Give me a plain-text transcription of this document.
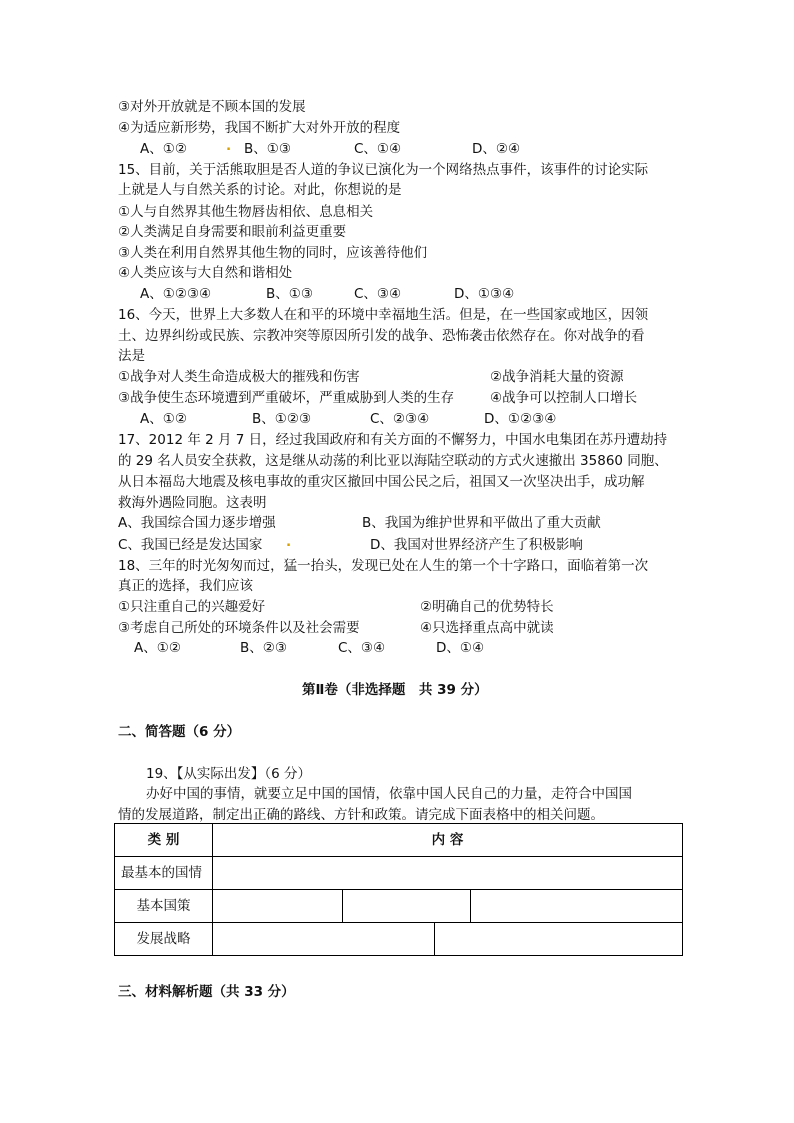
③对外开放就是不顾本国的发展
④为适应新形势，我国不断扩大对外开放的程度
A、①②	. B、①③	C、①④	D、②④
15、目前，关于活熊取胆是否人道的争议已演化为一个网络热点事件，该事件的讨论实际
上就是人与自然关系的讨论。对此，你想说的是
①人与自然界其他生物唇齿相依、息息相关
②人类满足自身需要和眼前利益更重要
③人类在利用自然界其他生物的同时，应该善待他们
④人类应该与大自然和谐相处
A、①②③④	B、①③	C、③④	D、①③④
16、今天，世界上大多数人在和平的环境中幸福地生活。但是，在一些国家或地区，因领
土、边界纠纷或民族、宗教冲突等原因所引发的战争、恐怖袭击依然存在。你对战争的看
法是
①战争对人类生命造成极大的摧残和伤害	②战争消耗大量的资源
③战争使生态环境遭到严重破坏，严重威胁到人类的生存	④战争可以控制人口增长
A、①②	B、①②③	C、②③④	D、①②③④
17、2012 年 2 月 7 日，经过我国政府和有关方面的不懈努力，中国水电集团在苏丹遭劫持
的 29 名人员安全获救，这是继从动荡的利比亚以海陆空联动的方式火速撤出 35860 同胞、
从日本福岛大地震及核电事故的重灾区撤回中国公民之后，祖国又一次坚决出手，成功解
救海外遇险同胞。这表明
A、我国综合国力逐步增强	B、我国为维护世界和平做出了重大贡献
C、我国已经是发达国家 .	D、我国对世界经济产生了积极影响
18、三年的时光匆匆而过，猛一抬头，发现已处在人生的第一个十字路口，面临着第一次
真正的选择，我们应该
①只注重自己的兴趣爱好	②明确自己的优势特长
③考虑自己所处的环境条件以及社会需要	④只选择重点高中就读
A、①②	B、②③	C、③④	D、①④
第Ⅱ卷（非选择题　共 39 分）
二、简答题（6 分）
19、【从实际出发】（6 分）
办好中国的事情，就要立足中国的国情，依靠中国人民自己的力量，走符合中国国
情的发展道路，制定出正确的路线、方针和政策。请完成下面表格中的相关问题。
类 别	内 容			
最基本的国情				
基本国策				
发展战略				
三、材料解析题（共 33 分）
